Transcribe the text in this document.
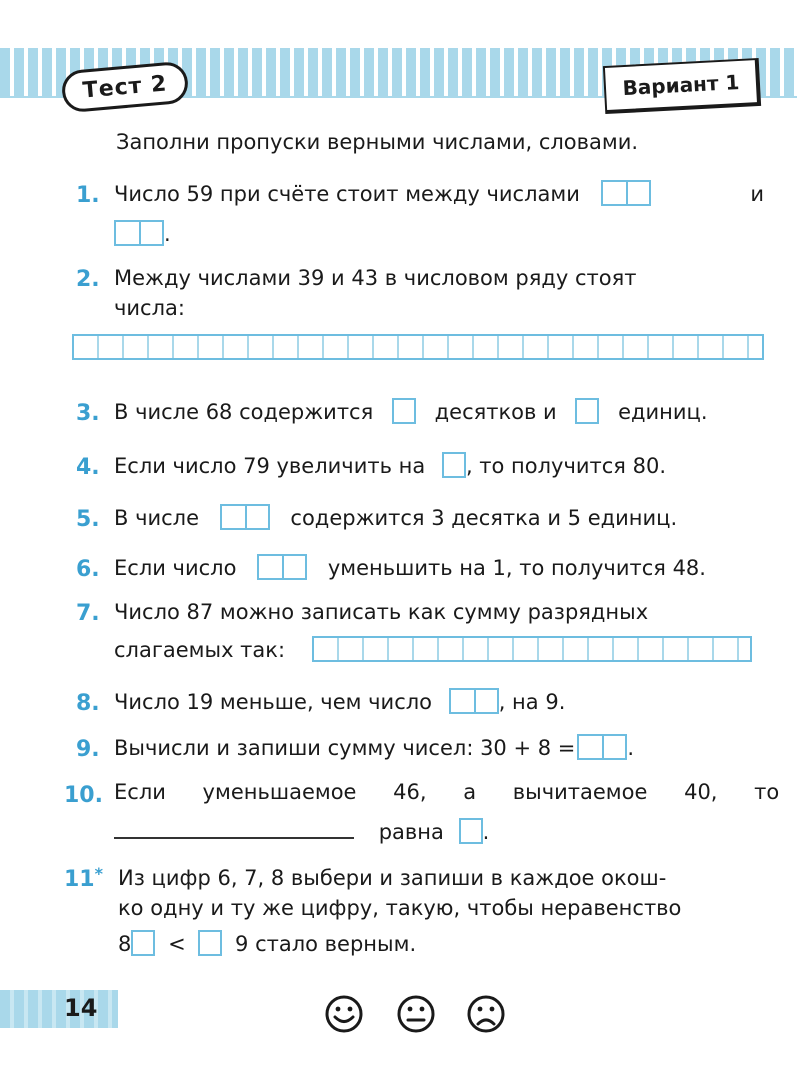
Тест 2	Вариант 1
Заполни пропуски верными числами, словами.
1. Число 59 при счёте стоит между числами	и
.
2. Между числами 39 и 43 в числовом ряду стоят
числа:
3. В числе 68 содержится	десятков и	единиц.
4. Если число 79 увеличить на , то получится 80.
5. В числе	содержится 3 десятка и 5 единиц.
6. Если число	уменьшить на 1, то получится 48.
7. Число 87 можно записать как сумму разрядных
слагаемых так:
8. Число 19 меньше, чем число	, на 9.
9. Вычисли и запиши сумму чисел: 30 + 8 = .
10. Если уменьшаемое 46, а вычитаемое 40, то
равна .
11* Из цифр 6, 7, 8 выбери и запиши в каждое окош-
ко одну и ту же цифру, такую, чтобы неравенство
8 < 9 стало верным.
14
